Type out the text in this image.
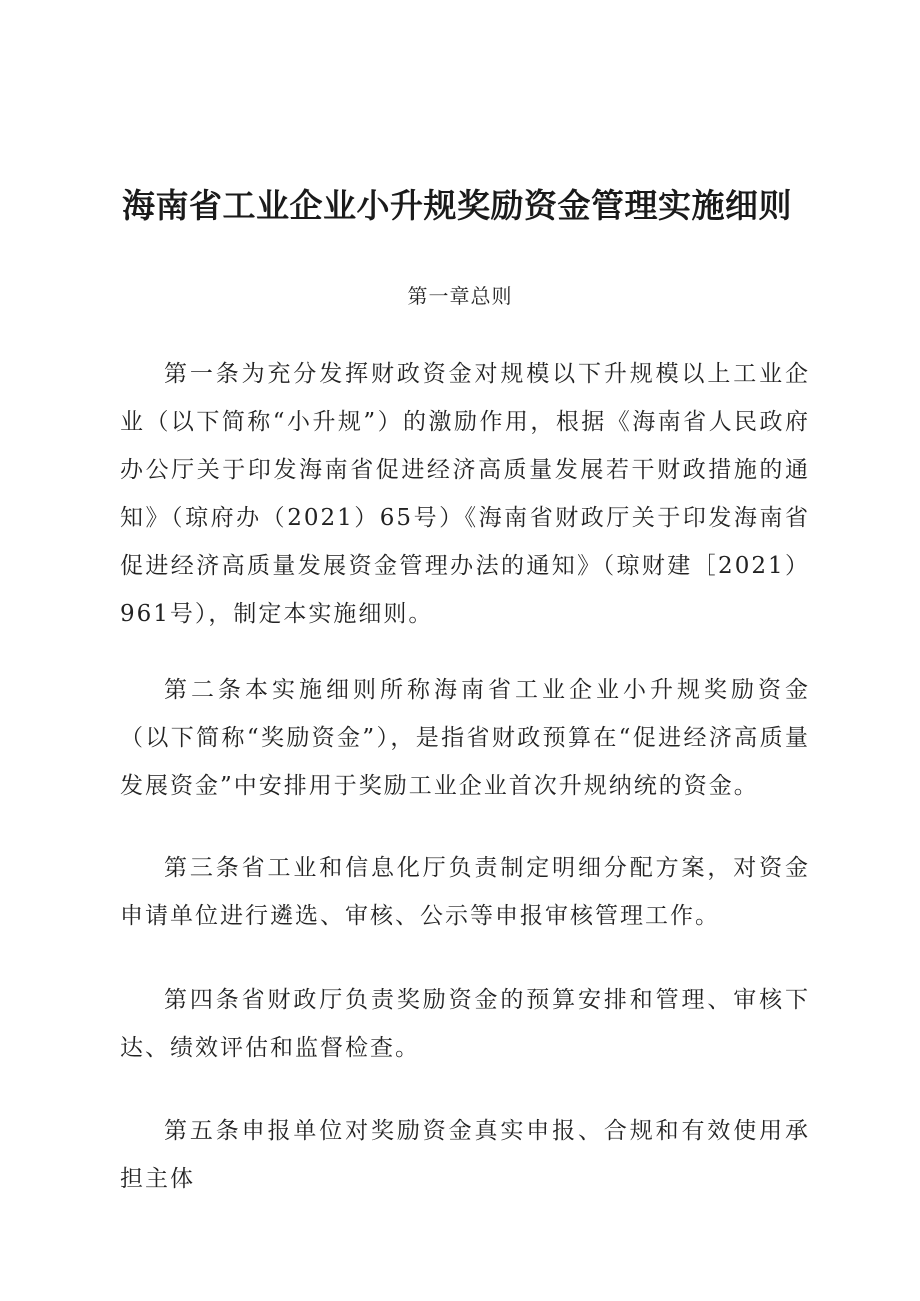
海南省工业企业小升规奖励资金管理实施细则
第一章总则

第一条为充分发挥财政资金对规模以下升规模以上工业企业（以下简称“小升规”）的激励作用，根据《海南省人民政府办公厅关于印发海南省促进经济高质量发展若干财政措施的通知》（琼府办（2021）65号）《海南省财政厅关于印发海南省促进经济高质量发展资金管理办法的通知》（琼财建［2021）961号），制定本实施细则。

第二条本实施细则所称海南省工业企业小升规奖励资金（以下简称“奖励资金”），是指省财政预算在“促进经济高质量发展资金”中安排用于奖励工业企业首次升规纳统的资金。

第三条省工业和信息化厅负责制定明细分配方案，对资金申请单位进行遴选、审核、公示等申报审核管理工作。

第四条省财政厅负责奖励资金的预算安排和管理、审核下达、绩效评估和监督检查。

第五条申报单位对奖励资金真实申报、合规和有效使用承担主体
